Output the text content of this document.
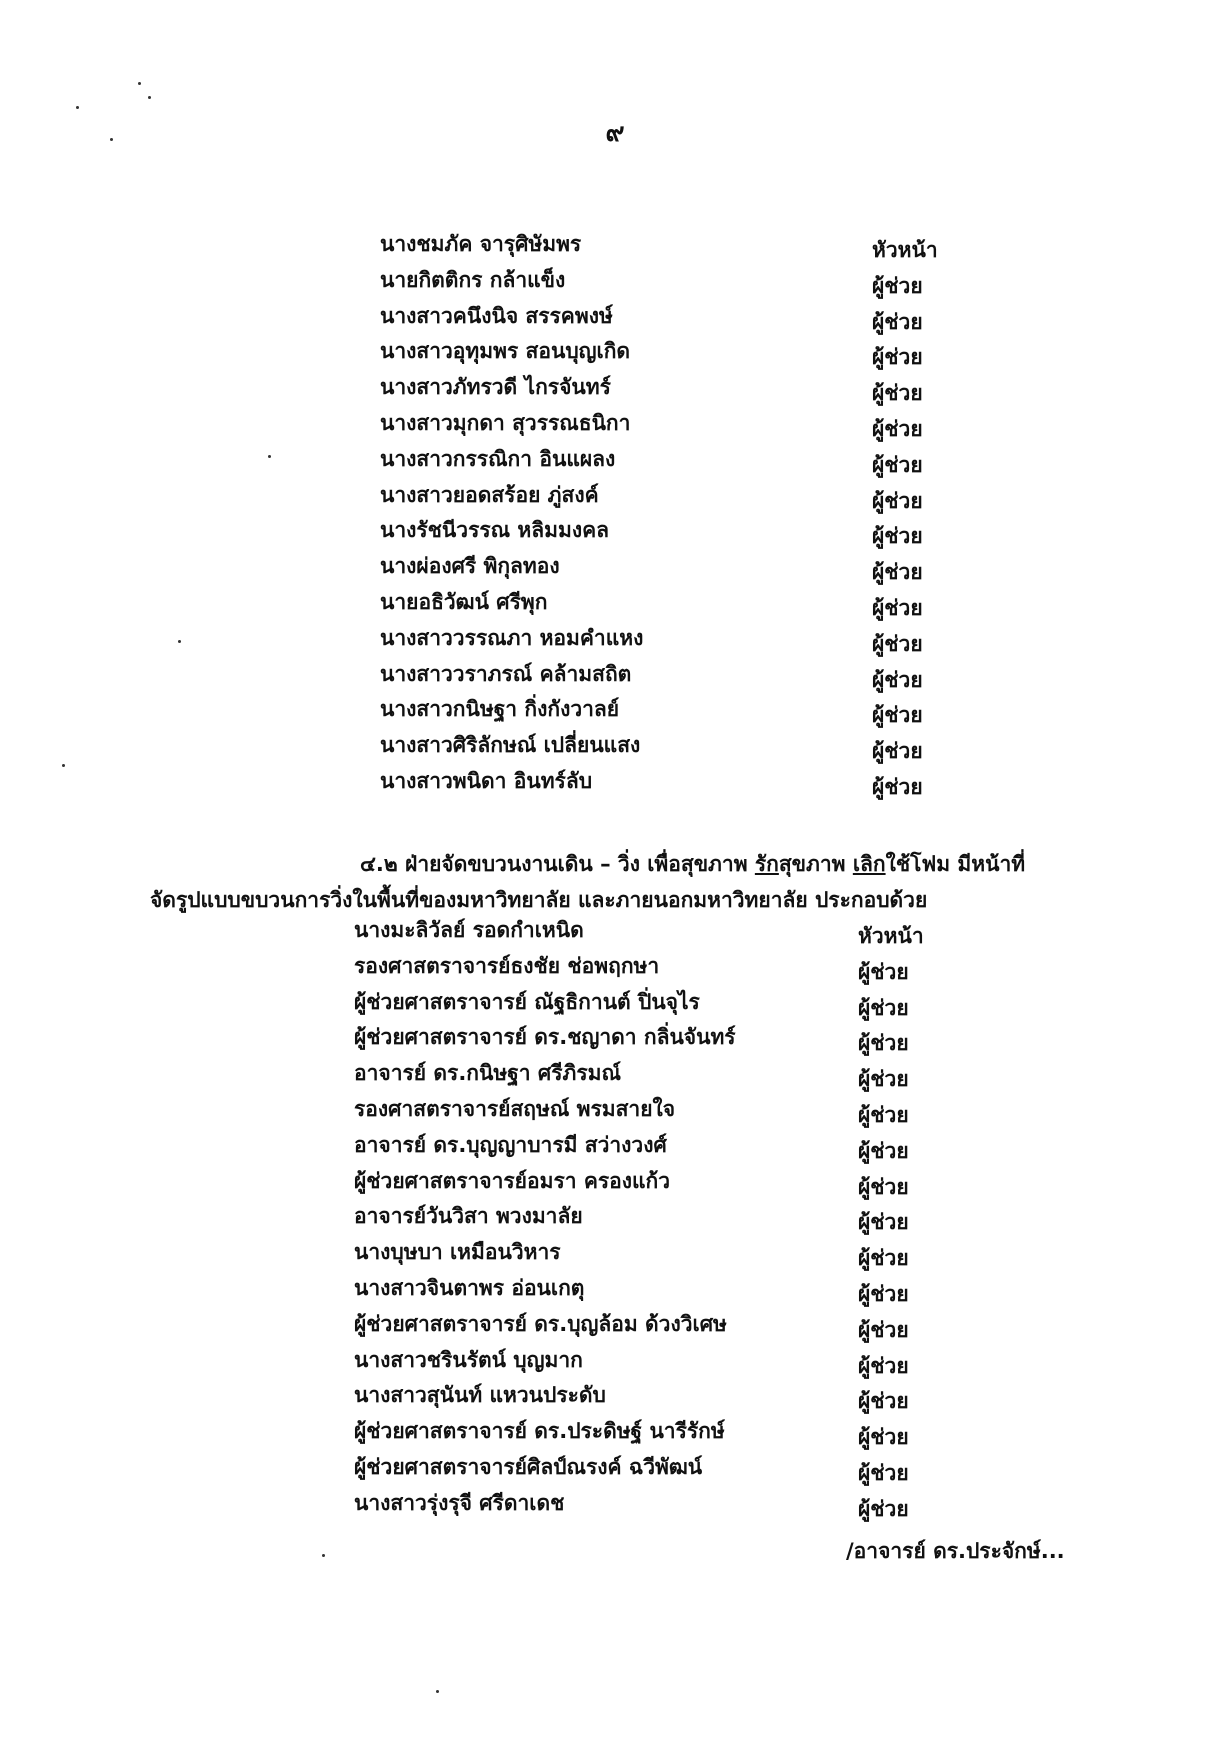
๙
นางชมภัค จารุศิษัมพร	หัวหน้า
นายกิตติกร กล้าแข็ง	ผู้ช่วย
นางสาวคนึงนิจ สรรคพงษ์	ผู้ช่วย
นางสาวอุทุมพร สอนบุญเกิด	ผู้ช่วย
นางสาวภัทรวดี ไกรจันทร์	ผู้ช่วย
นางสาวมุกดา สุวรรณธนิกา	ผู้ช่วย
นางสาวกรรณิกา อินแผลง	ผู้ช่วย
นางสาวยอดสร้อย ภู่สงค์	ผู้ช่วย
นางรัชนีวรรณ หลิมมงคล	ผู้ช่วย
นางผ่องศรี พิกุลทอง	ผู้ช่วย
นายอธิวัฒน์ ศรีพุก	ผู้ช่วย
นางสาววรรณภา หอมคำแหง	ผู้ช่วย
นางสาววราภรณ์ คล้ามสถิต	ผู้ช่วย
นางสาวกนิษฐา กิ่งกังวาลย์	ผู้ช่วย
นางสาวศิริลักษณ์ เปลี่ยนแสง	ผู้ช่วย
นางสาวพนิดา อินทร์ลับ	ผู้ช่วย
๔.๒ ฝ่ายจัดขบวนงานเดิน – วิ่ง เพื่อสุขภาพ รักสุขภาพ เลิกใช้โฟม มีหน้าที่
จัดรูปแบบขบวนการวิ่งในพื้นที่ของมหาวิทยาลัย และภายนอกมหาวิทยาลัย ประกอบด้วย
นางมะลิวัลย์ รอดกำเหนิด	หัวหน้า
รองศาสตราจารย์ธงชัย ช่อพฤกษา	ผู้ช่วย
ผู้ช่วยศาสตราจารย์ ณัฐธิกานต์ ปิ่นจุไร	ผู้ช่วย
ผู้ช่วยศาสตราจารย์ ดร.ชญาดา กลิ่นจันทร์	ผู้ช่วย
อาจารย์ ดร.กนิษฐา ศรีภิรมณ์	ผู้ช่วย
รองศาสตราจารย์สฤษณ์ พรมสายใจ	ผู้ช่วย
อาจารย์ ดร.บุญญาบารมี สว่างวงศ์	ผู้ช่วย
ผู้ช่วยศาสตราจารย์อมรา ครองแก้ว	ผู้ช่วย
อาจารย์วันวิสา พวงมาลัย	ผู้ช่วย
นางบุษบา เหมือนวิหาร	ผู้ช่วย
นางสาวจินตาพร อ่อนเกตุ	ผู้ช่วย
ผู้ช่วยศาสตราจารย์ ดร.บุญล้อม ด้วงวิเศษ	ผู้ช่วย
นางสาวชรินรัตน์ บุญมาก	ผู้ช่วย
นางสาวสุนันท์ แหวนประดับ	ผู้ช่วย
ผู้ช่วยศาสตราจารย์ ดร.ประดิษฐ์ นารีรักษ์	ผู้ช่วย
ผู้ช่วยศาสตราจารย์ศิลป์ณรงค์ ฉวีพัฒน์	ผู้ช่วย
นางสาวรุ่งรุจี ศรีดาเดช	ผู้ช่วย
/อาจารย์ ดร.ประจักษ์...
